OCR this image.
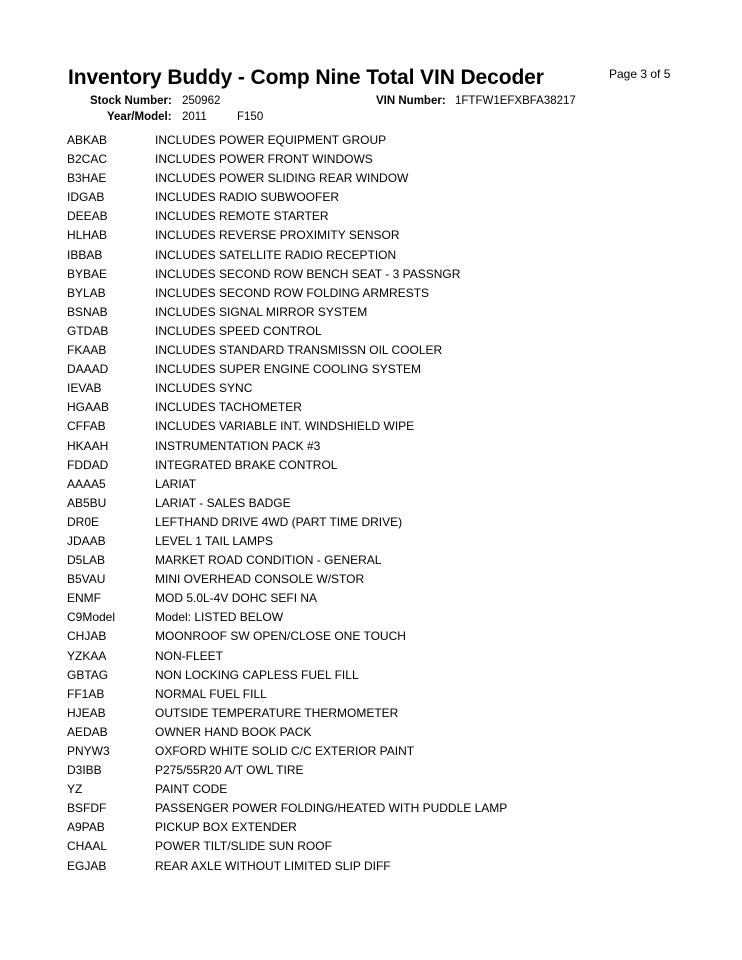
Inventory Buddy - Comp Nine Total VIN Decoder	Page 3 of 5
Stock Number: 250962	VIN Number: 1FTFW1EFXBFA38217
Year/Model: 2011	F150
ABKAB	INCLUDES POWER EQUIPMENT GROUP
B2CAC	INCLUDES POWER FRONT WINDOWS
B3HAE	INCLUDES POWER SLIDING REAR WINDOW
IDGAB	INCLUDES RADIO SUBWOOFER
DEEAB	INCLUDES REMOTE STARTER
HLHAB	INCLUDES REVERSE PROXIMITY SENSOR
IBBAB	INCLUDES SATELLITE RADIO RECEPTION
BYBAE	INCLUDES SECOND ROW BENCH SEAT - 3 PASSNGR
BYLAB	INCLUDES SECOND ROW FOLDING ARMRESTS
BSNAB	INCLUDES SIGNAL MIRROR SYSTEM
GTDAB	INCLUDES SPEED CONTROL
FKAAB	INCLUDES STANDARD TRANSMISSN OIL COOLER
DAAAD	INCLUDES SUPER ENGINE COOLING SYSTEM
IEVAB	INCLUDES SYNC
HGAAB	INCLUDES TACHOMETER
CFFAB	INCLUDES VARIABLE INT. WINDSHIELD WIPE
HKAAH	INSTRUMENTATION PACK #3
FDDAD	INTEGRATED BRAKE CONTROL
AAAA5	LARIAT
AB5BU	LARIAT - SALES BADGE
DR0E	LEFTHAND DRIVE 4WD (PART TIME DRIVE)
JDAAB	LEVEL 1 TAIL LAMPS
D5LAB	MARKET ROAD CONDITION - GENERAL
B5VAU	MINI OVERHEAD CONSOLE W/STOR
ENMF	MOD 5.0L-4V DOHC SEFI NA
C9Model	Model: LISTED BELOW
CHJAB	MOONROOF SW OPEN/CLOSE ONE TOUCH
YZKAA	NON-FLEET
GBTAG	NON LOCKING CAPLESS FUEL FILL
FF1AB	NORMAL FUEL FILL
HJEAB	OUTSIDE TEMPERATURE THERMOMETER
AEDAB	OWNER HAND BOOK PACK
PNYW3	OXFORD WHITE SOLID C/C EXTERIOR PAINT
D3IBB	P275/55R20 A/T OWL TIRE
YZ	PAINT CODE
BSFDF	PASSENGER POWER FOLDING/HEATED WITH PUDDLE LAMP
A9PAB	PICKUP BOX EXTENDER
CHAAL	POWER TILT/SLIDE SUN ROOF
EGJAB	REAR AXLE WITHOUT LIMITED SLIP DIFF
